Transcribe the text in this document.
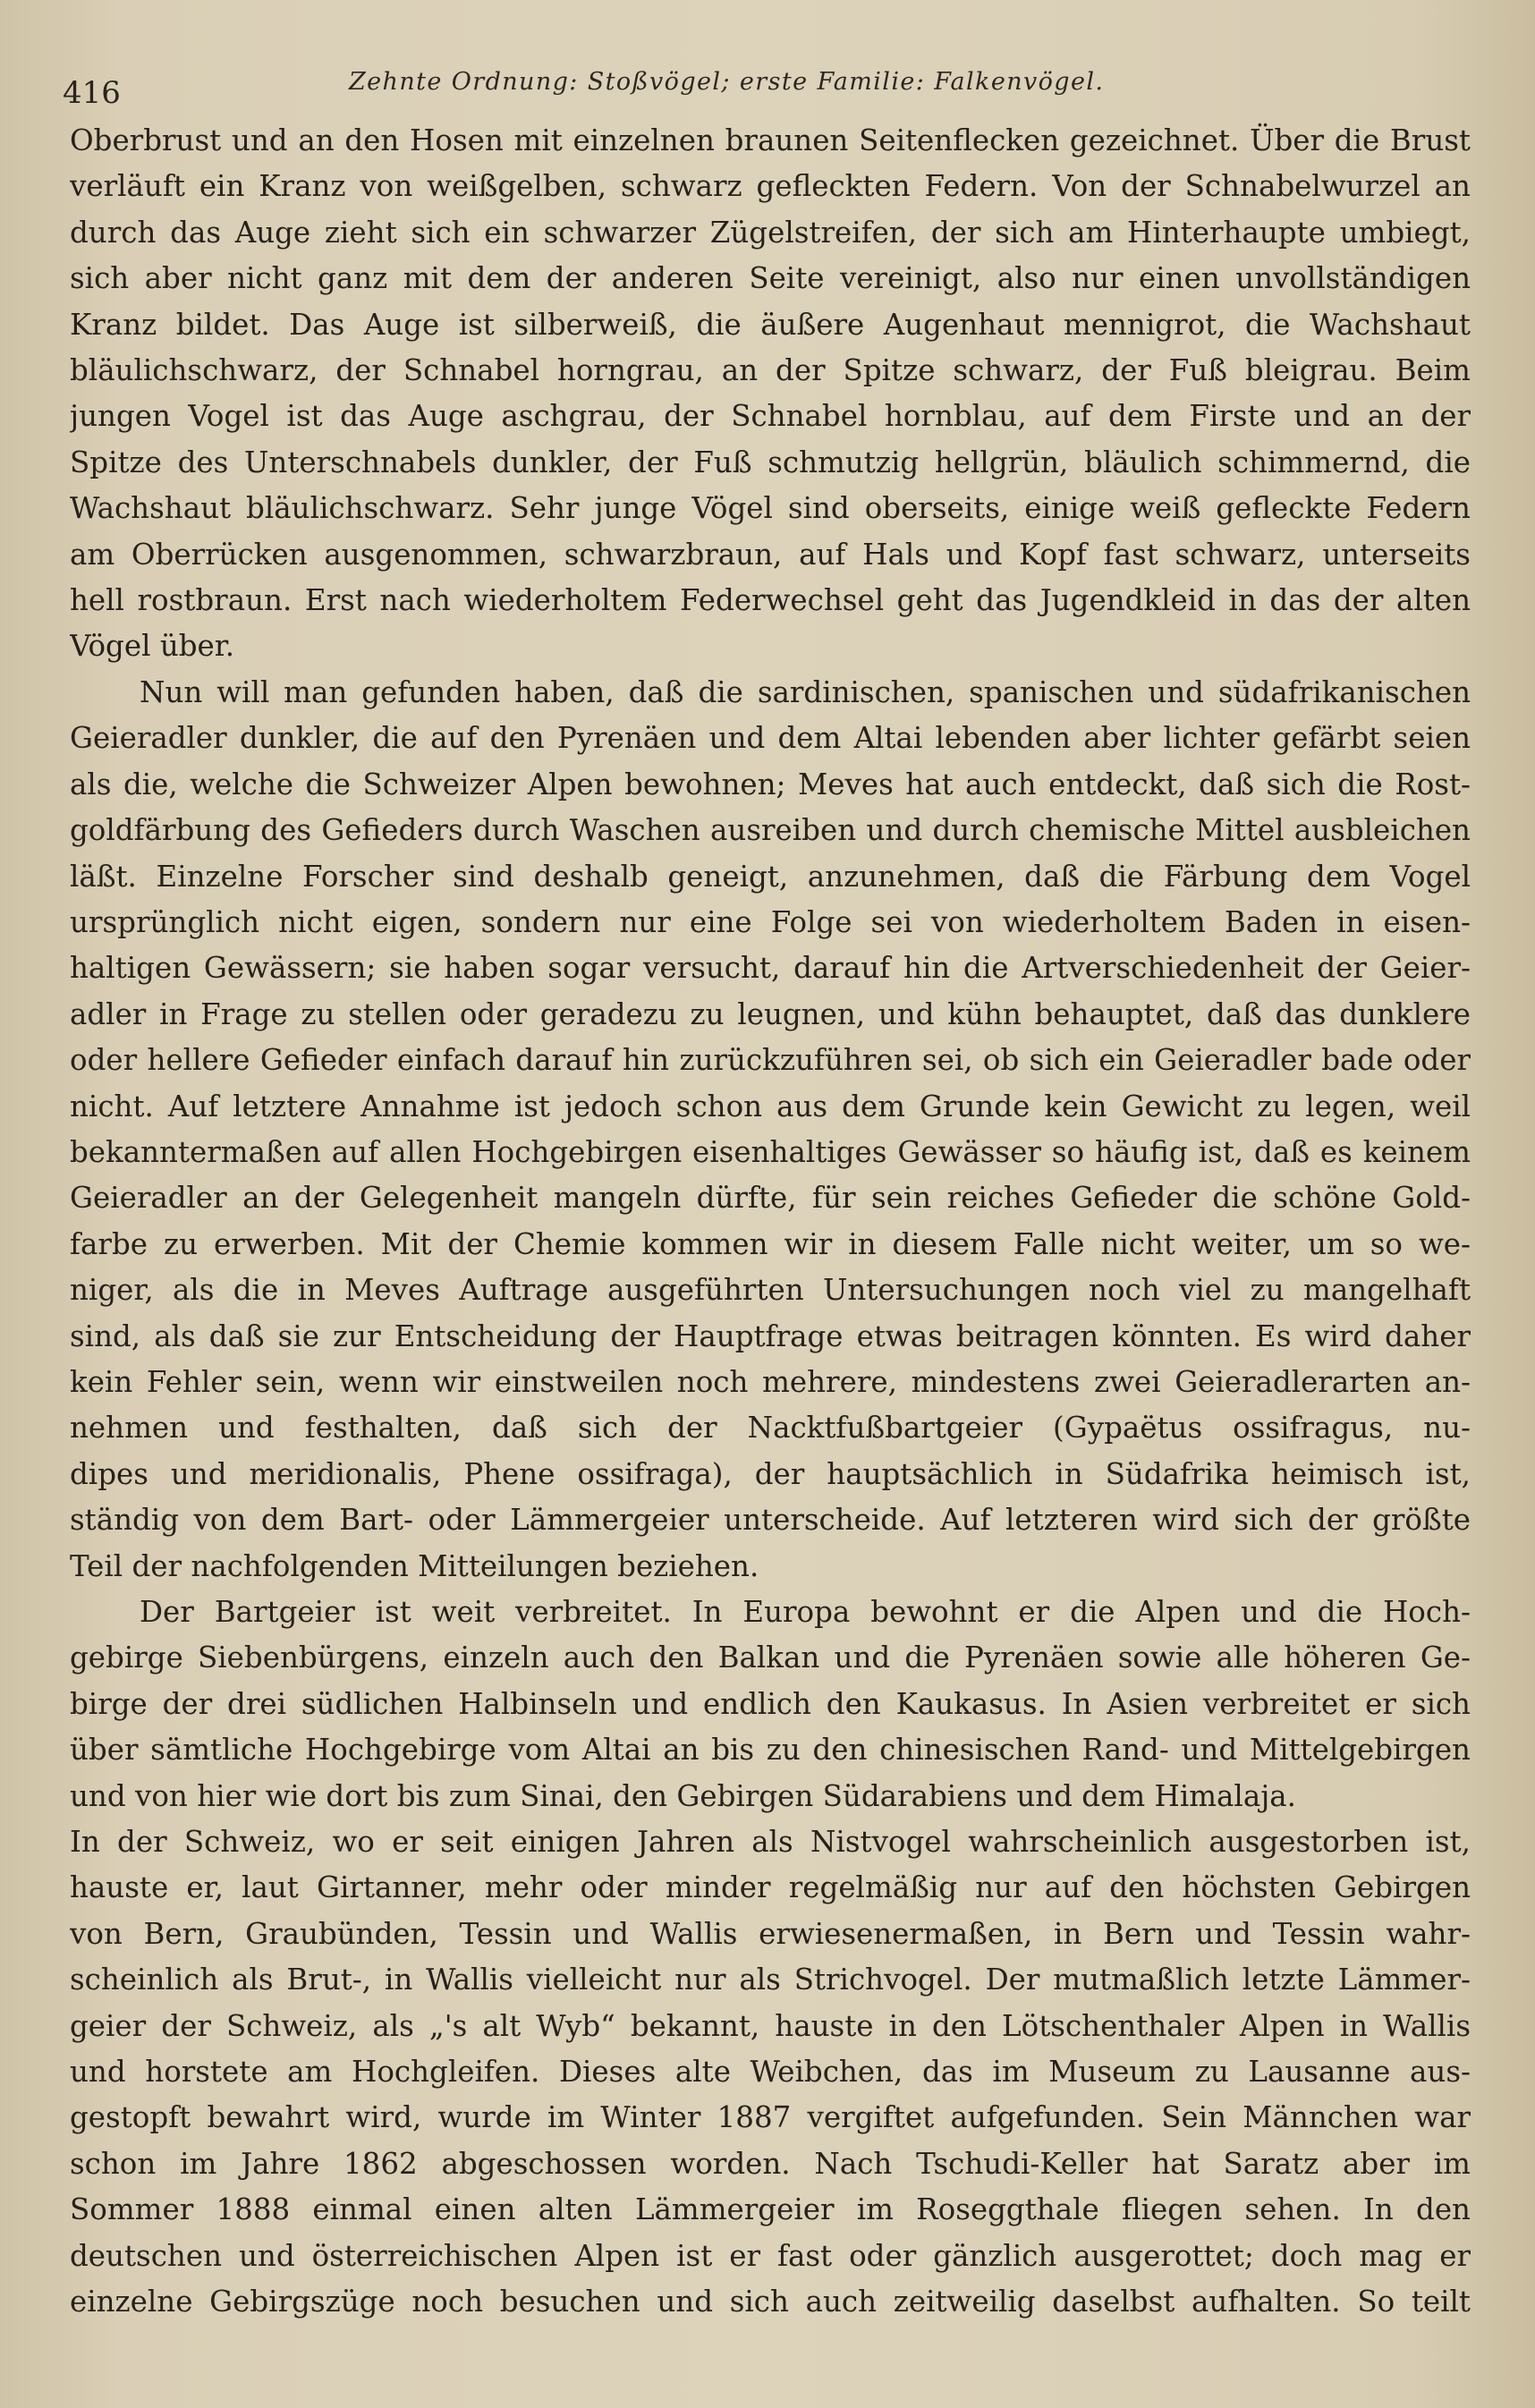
416	Zehnte Ordnung: Stoßvögel; erste Familie: Falkenvögel.
Oberbrust und an den Hosen mit einzelnen braunen Seitenflecken gezeichnet. Über die Brust
verläuft ein Kranz von weißgelben, schwarz gefleckten Federn. Von der Schnabelwurzel an
durch das Auge zieht sich ein schwarzer Zügelstreifen, der sich am Hinterhaupte umbiegt,
sich aber nicht ganz mit dem der anderen Seite vereinigt, also nur einen unvollständigen
Kranz bildet. Das Auge ist silberweiß, die äußere Augenhaut mennigrot, die Wachshaut
bläulichschwarz, der Schnabel horngrau, an der Spitze schwarz, der Fuß bleigrau. Beim
jungen Vogel ist das Auge aschgrau, der Schnabel hornblau, auf dem Firste und an der
Spitze des Unterschnabels dunkler, der Fuß schmutzig hellgrün, bläulich schimmernd, die
Wachshaut bläulichschwarz. Sehr junge Vögel sind oberseits, einige weiß gefleckte Federn
am Oberrücken ausgenommen, schwarzbraun, auf Hals und Kopf fast schwarz, unterseits
hell rostbraun. Erst nach wiederholtem Federwechsel geht das Jugendkleid in das der alten
Vögel über.
Nun will man gefunden haben, daß die sardinischen, spanischen und südafrikanischen
Geieradler dunkler, die auf den Pyrenäen und dem Altai lebenden aber lichter gefärbt seien
als die, welche die Schweizer Alpen bewohnen; Meves hat auch entdeckt, daß sich die Rost-
goldfärbung des Gefieders durch Waschen ausreiben und durch chemische Mittel ausbleichen
läßt. Einzelne Forscher sind deshalb geneigt, anzunehmen, daß die Färbung dem Vogel
ursprünglich nicht eigen, sondern nur eine Folge sei von wiederholtem Baden in eisen-
haltigen Gewässern; sie haben sogar versucht, darauf hin die Artverschiedenheit der Geier-
adler in Frage zu stellen oder geradezu zu leugnen, und kühn behauptet, daß das dunklere
oder hellere Gefieder einfach darauf hin zurückzuführen sei, ob sich ein Geieradler bade oder
nicht. Auf letztere Annahme ist jedoch schon aus dem Grunde kein Gewicht zu legen, weil
bekanntermaßen auf allen Hochgebirgen eisenhaltiges Gewässer so häufig ist, daß es keinem
Geieradler an der Gelegenheit mangeln dürfte, für sein reiches Gefieder die schöne Gold-
farbe zu erwerben. Mit der Chemie kommen wir in diesem Falle nicht weiter, um so we-
niger, als die in Meves Auftrage ausgeführten Untersuchungen noch viel zu mangelhaft
sind, als daß sie zur Entscheidung der Hauptfrage etwas beitragen könnten. Es wird daher
kein Fehler sein, wenn wir einstweilen noch mehrere, mindestens zwei Geieradlerarten an-
nehmen und festhalten, daß sich der Nacktfußbartgeier (Gypaëtus ossifragus, nu-
dipes und meridionalis, Phene ossifraga), der hauptsächlich in Südafrika heimisch ist,
ständig von dem Bart- oder Lämmergeier unterscheide. Auf letzteren wird sich der größte
Teil der nachfolgenden Mitteilungen beziehen.
Der Bartgeier ist weit verbreitet. In Europa bewohnt er die Alpen und die Hoch-
gebirge Siebenbürgens, einzeln auch den Balkan und die Pyrenäen sowie alle höheren Ge-
birge der drei südlichen Halbinseln und endlich den Kaukasus. In Asien verbreitet er sich
über sämtliche Hochgebirge vom Altai an bis zu den chinesischen Rand- und Mittelgebirgen
und von hier wie dort bis zum Sinai, den Gebirgen Südarabiens und dem Himalaja.
In der Schweiz, wo er seit einigen Jahren als Nistvogel wahrscheinlich ausgestorben ist,
hauste er, laut Girtanner, mehr oder minder regelmäßig nur auf den höchsten Gebirgen
von Bern, Graubünden, Tessin und Wallis erwiesenermaßen, in Bern und Tessin wahr-
scheinlich als Brut-, in Wallis vielleicht nur als Strichvogel. Der mutmaßlich letzte Lämmer-
geier der Schweiz, als „'s alt Wyb“ bekannt, hauste in den Lötschenthaler Alpen in Wallis
und horstete am Hochgleifen. Dieses alte Weibchen, das im Museum zu Lausanne aus-
gestopft bewahrt wird, wurde im Winter 1887 vergiftet aufgefunden. Sein Männchen war
schon im Jahre 1862 abgeschossen worden. Nach Tschudi-Keller hat Saratz aber im
Sommer 1888 einmal einen alten Lämmergeier im Roseggthale fliegen sehen. In den
deutschen und österreichischen Alpen ist er fast oder gänzlich ausgerottet; doch mag er
einzelne Gebirgszüge noch besuchen und sich auch zeitweilig daselbst aufhalten. So teilt
